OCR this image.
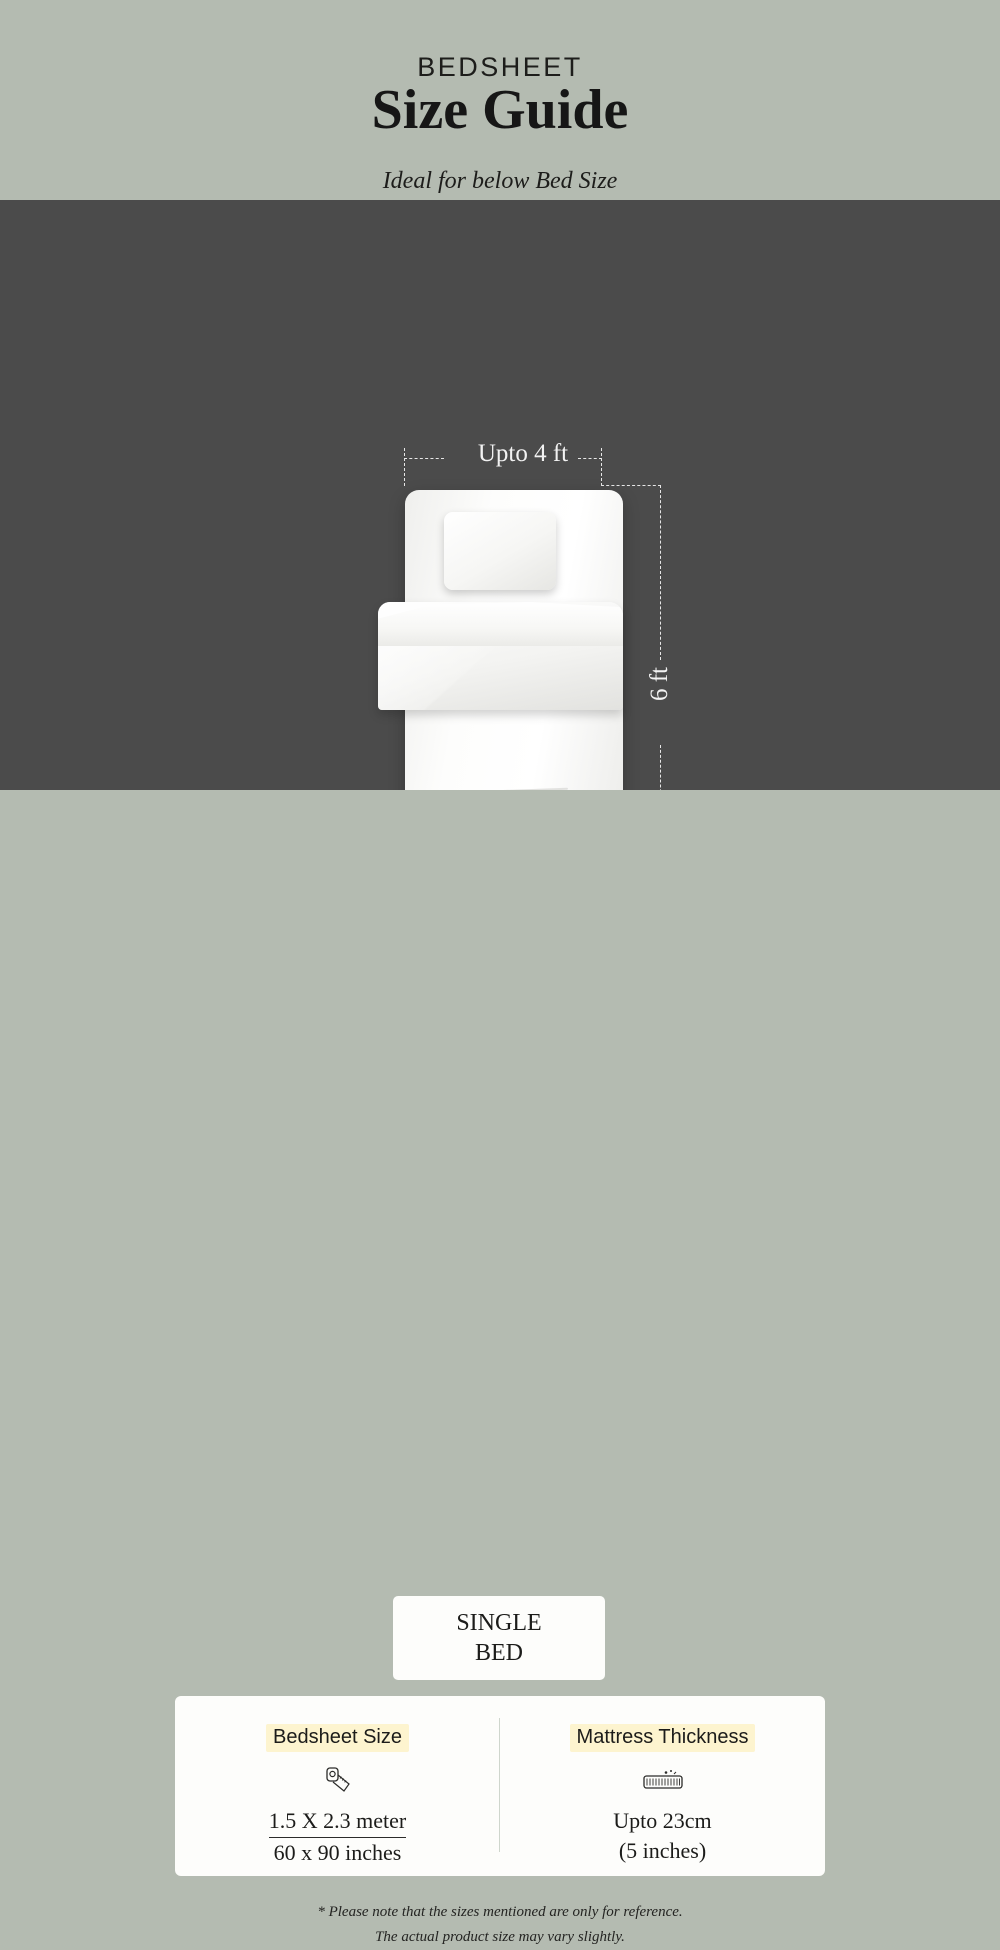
BEDSHEET
Size Guide
Ideal for below Bed Size
Upto 4 ft
6 ft
SINGLE
BED
Bedsheet Size
1.5 X 2.3 meter
60 x 90 inches
Mattress Thickness
Upto 23cm
(5 inches)
* Please note that the sizes mentioned are only for reference.
The actual product size may vary slightly.
